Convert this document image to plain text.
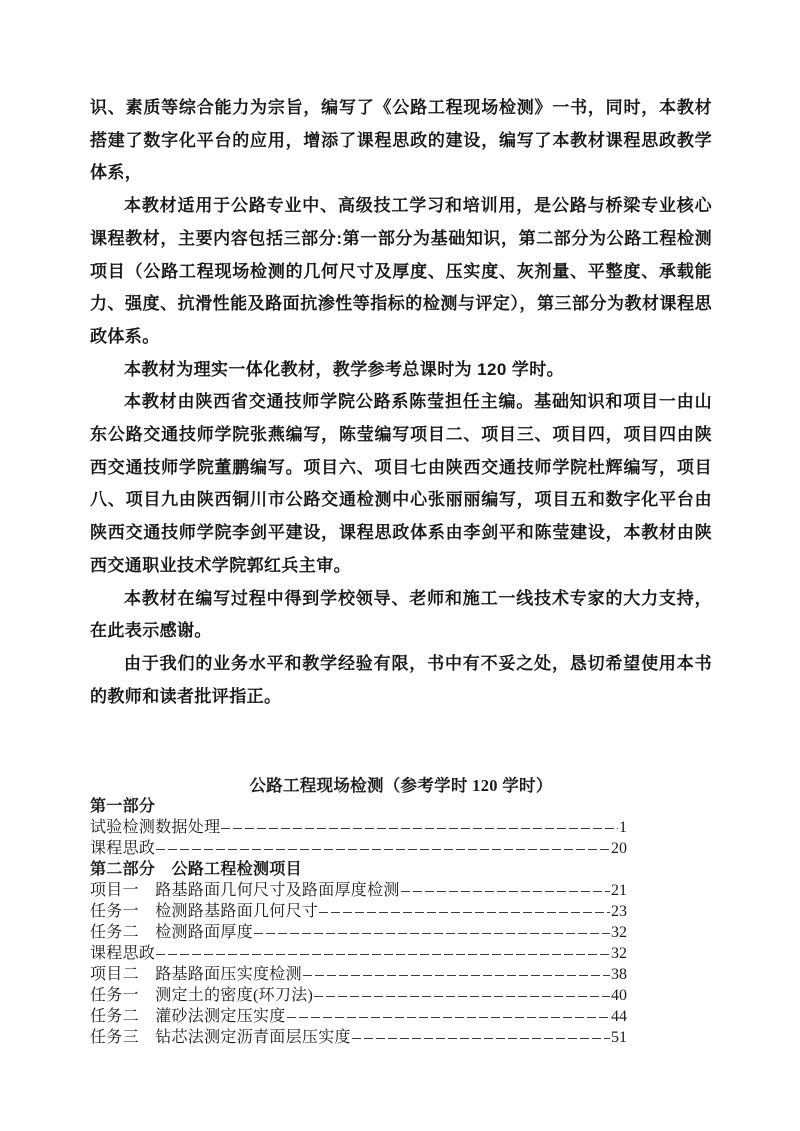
识、素质等综合能力为宗旨，编写了《公路工程现场检测》一书，同时，本教材搭建了数字化平台的应用，增添了课程思政的建设，编写了本教材课程思政教学体系，

本教材适用于公路专业中、高级技工学习和培训用，是公路与桥梁专业核心课程教材，主要内容包括三部分:第一部分为基础知识，第二部分为公路工程检测项目（公路工程现场检测的几何尺寸及厚度、压实度、灰剂量、平整度、承载能力、强度、抗滑性能及路面抗渗性等指标的检测与评定），第三部分为教材课程思政体系。

本教材为理实一体化教材，教学参考总课时为 120 学时。

本教材由陕西省交通技师学院公路系陈莹担任主编。基础知识和项目一由山东公路交通技师学院张燕编写，陈莹编写项目二、项目三、项目四，项目四由陕西交通技师学院董鹏编写。项目六、项目七由陕西交通技师学院杜辉编写，项目八、项目九由陕西铜川市公路交通检测中心张丽丽编写，项目五和数字化平台由陕西交通技师学院李剑平建设，课程思政体系由李剑平和陈莹建设，本教材由陕西交通职业技术学院郭红兵主审。

本教材在编写过程中得到学校领导、老师和施工一线技术专家的大力支持，在此表示感谢。

由于我们的业务水平和教学经验有限，书中有不妥之处，恳切希望使用本书的教师和读者批评指正。

公路工程现场检测（参考学时 120 学时）
第一部分
试验检测数据处理	1
课程思政	20
第二部分　公路工程检测项目
项目一　路基路面几何尺寸及路面厚度检测	21
任务一　检测路基路面几何尺寸	23
任务二　检测路面厚度	32
课程思政	32
项目二　路基路面压实度检测	38
任务一　测定土的密度(环刀法)	40
任务二　灌砂法测定压实度	44
任务三　钻芯法测定沥青面层压实度	51
